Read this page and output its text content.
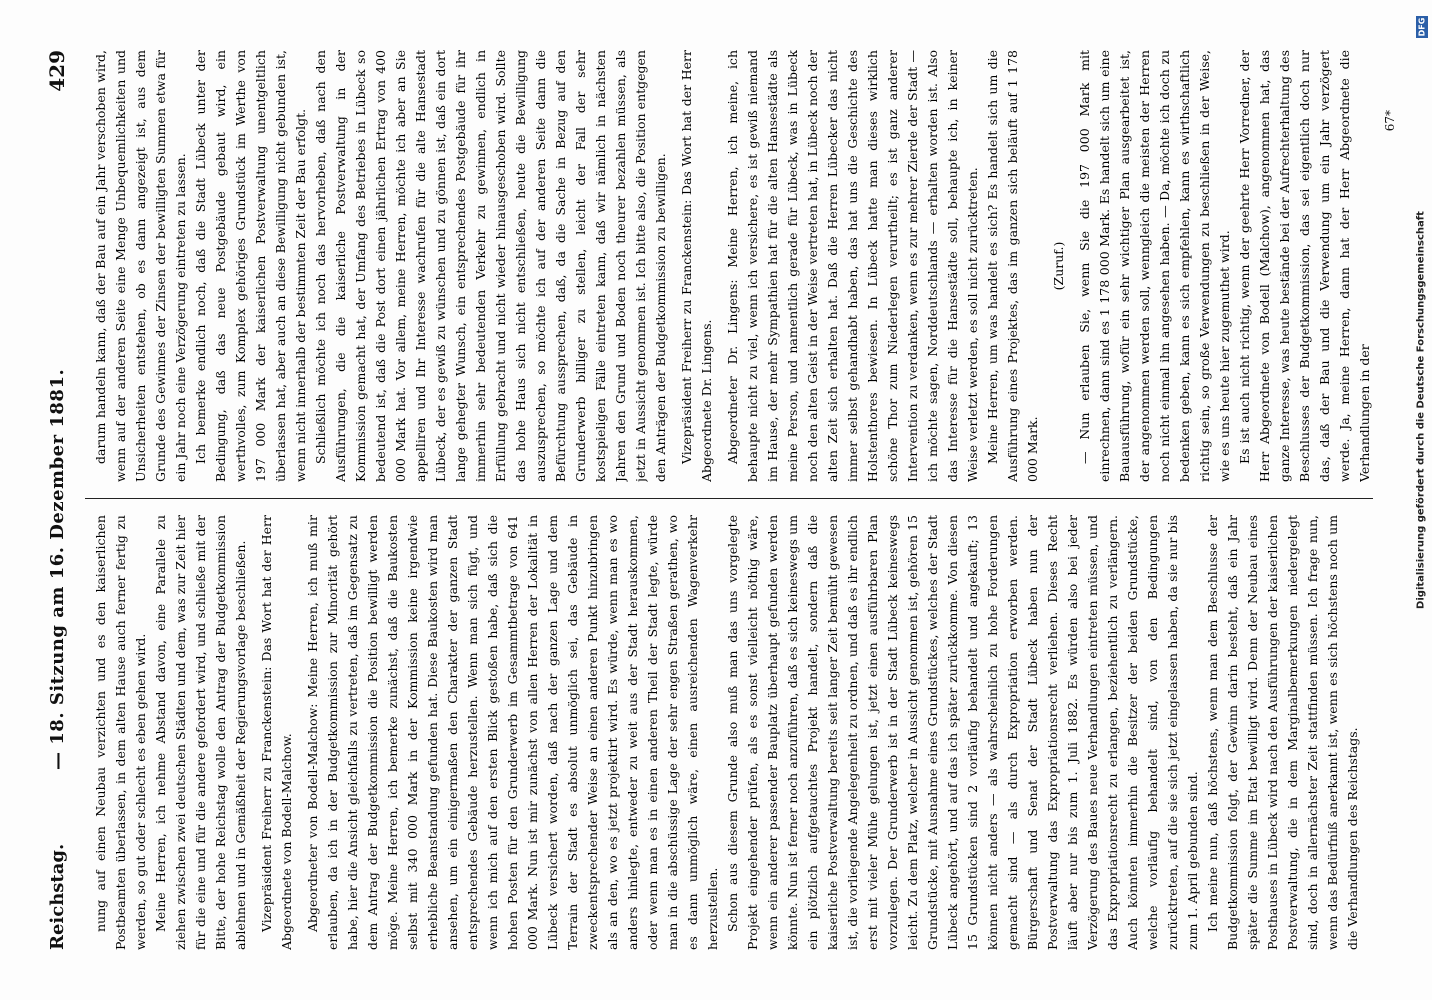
Reichstag.
— 18. Sitzung am 16. Dezember 1881.
429

nung auf einen Neubau verzichten und es den kaiserlichen Postbeamten überlassen, in dem alten Hause auch ferner fertig zu werden, so gut oder schlecht es eben gehen wird. Meine Herren, ich nehme Abstand davon, eine Parallele zu ziehen zwischen zwei deutschen Städten und dem, was zur Zeit hier für die eine und für die andere gefordert wird, und schließe mit der Bitte, der hohe Reichstag wolle den Antrag der Budgetkommission ablehnen und in Gemäßheit der Regierungsvorlage beschließen. Vizepräsident Freiherr zu Franckenstein: Das Wort hat der Herr Abgeordnete von Bodell-Malchow. Abgeordneter von Bodell-Malchow: Meine Herren, ich muß mir erlauben, da ich in der Budgetkommission zur Minorität gehört habe, hier die Ansicht gleichfalls zu vertreten, daß im Gegensatz zu dem Antrag der Budgetkommission die Position bewilligt werden möge. Meine Herren, ich bemerke zunächst, daß die Baukosten selbst mit 340 000 Mark in der Kommission keine irgendwie erhebliche Beanstandung gefunden hat. Diese Baukosten wird man ansehen, um ein einigermaßen den Charakter der ganzen Stadt entsprechendes Gebäude herzustellen. Wenn man sich fügt, und wenn ich mich auf den ersten Blick gestoßen habe, daß sich die hohen Posten für den Grunderwerb im Gesammtbetrage von 641 000 Mark. Nun ist mir zunächst von allen Herren der Lokalität in Lübeck versichert worden, daß nach der ganzen Lage und dem Terrain der Stadt es absolut unmöglich sei, das Gebäude in zweckentsprechender Weise an einen anderen Punkt hinzubringen als an den, wo es jetzt projektirt wird. Es würde, wenn man es wo anders hinlegte, entweder zu weit aus der Stadt herauskommen, oder wenn man es in einen anderen Theil der Stadt legte, würde man in die abschüssige Lage der sehr engen Straßen gerathen, wo es dann unmöglich wäre, einen ausreichenden Wagenverkehr herzustellen. Schon aus diesem Grunde also muß man das uns vorgelegte Projekt eingehender prüfen, als es sonst vielleicht nöthig wäre, wenn ein anderer passender Bauplatz überhaupt gefunden werden könnte. Nun ist ferner noch anzuführen, daß es sich keineswegs um ein plötzlich aufgetauchtes Projekt handelt, sondern daß die kaiserliche Postverwaltung bereits seit langer Zeit bemüht gewesen ist, die vorliegende Angelegenheit zu ordnen, und daß es ihr endlich erst mit vieler Mühe gelungen ist, jetzt einen ausführbaren Plan vorzulegen. Der Grunderwerb ist in der Stadt Lübeck keineswegs leicht. Zu dem Platz, welcher in Aussicht genommen ist, gehören 15 Grundstücke, mit Ausnahme eines Grundstückes, welches der Stadt Lübeck angehört, und auf das ich später zurückkomme. Von diesen 15 Grundstücken sind 2 vorläufig behandelt und angekauft; 13 können nicht anders — als wahrscheinlich zu hohe Forderungen gemacht sind — als durch Expropriation erworben werden. Bürgerschaft und Senat der Stadt Lübeck haben nun der Postverwaltung das Expropriationsrecht verliehen. Dieses Recht läuft aber nur bis zum 1. Juli 1882. Es würden also bei jeder Verzögerung des Baues neue Verhandlungen eintreten müssen, und das Expropriationsrecht zu erlangen, beziehentlich zu verlängern. Auch könnten immerhin die Besitzer der beiden Grundstücke, welche vorläufig behandelt sind, von den Bedingungen zurücktreten, auf die sie sich jetzt eingelassen haben, da sie nur bis zum 1. April gebunden sind. Ich meine nun, daß höchstens, wenn man dem Beschlusse der Budgetkommission folgt, der Gewinn darin besteht, daß ein Jahr später die Summe im Etat bewilligt wird. Denn der Neubau eines Posthauses in Lübeck wird nach den Ausführungen der kaiserlichen Postverwaltung, die in dem Marginalbemerkungen niedergelegt sind, doch in allernächster Zeit stattfinden müssen. Ich frage nun, wenn das Bedürfniß anerkannt ist, wenn es sich höchstens noch um die Verhandlungen des Reichstags.

darum handeln kann, daß der Bau auf ein Jahr verschoben wird, wenn auf der anderen Seite eine Menge Unbequemlichkeiten und Unsicherheiten entstehen, ob es dann angezeigt ist, aus dem Grunde des Gewinnes der Zinsen der bewilligten Summen etwa für ein Jahr noch eine Verzögerung eintreten zu lassen. Ich bemerke endlich noch, daß die Stadt Lübeck unter der Bedingung, daß das neue Postgebäude gebaut wird, ein werthvolles, zum Komplex gehöriges Grundstück im Werthe von 197 000 Mark der kaiserlichen Postverwaltung unentgeltlich überlassen hat, aber auch an diese Bewilligung nicht gebunden ist, wenn nicht innerhalb der bestimmten Zeit der Bau erfolgt. Schließlich möchte ich noch das hervorheben, daß nach den Ausführungen, die die kaiserliche Postverwaltung in der Kommission gemacht hat, der Umfang des Betriebes in Lübeck so bedeutend ist, daß die Post dort einen jährlichen Ertrag von 400 000 Mark hat. Vor allem, meine Herren, möchte ich aber an Sie appelliren und Ihr Interesse wachrufen für die alte Hansestadt Lübeck, der es gewiß zu wünschen und zu gönnen ist, daß ein dort lange gehegter Wunsch, ein entsprechendes Postgebäude für ihr immerhin sehr bedeutenden Verkehr zu gewinnen, endlich in Erfüllung gebracht und nicht wieder hinausgeschoben wird. Sollte das hohe Haus sich nicht entschließen, heute die Bewilligung auszusprechen, so möchte ich auf der anderen Seite dann die Befürchtung aussprechen, daß, da die Sache in Bezug auf den Grunderwerb billiger zu stellen, leicht der Fall der sehr kostspieligen Fälle eintreten kann, daß wir nämlich in nächsten Jahren den Grund und Boden noch theurer bezahlen müssen, als jetzt in Aussicht genommen ist. Ich bitte also, die Position entgegen den Anträgen der Budgetkommission zu bewilligen. Vizepräsident Freiherr zu Franckenstein: Das Wort hat der Herr Abgeordnete Dr. Lingens. Abgeordneter Dr. Lingens: Meine Herren, ich meine, ich behaupte nicht zu viel, wenn ich versichere, es ist gewiß niemand im Hause, der mehr Sympathien hat für die alten Hansestädte als meine Person, und namentlich gerade für Lübeck, was in Lübeck noch den alten Geist in der Weise vertreten hat, in Lübeck noch der alten Zeit sich erhalten hat. Daß die Herren Lübecker das nicht immer selbst gehandhabt haben, das hat uns die Geschichte des Holstenthores bewiesen. In Lübeck hatte man dieses wirklich schöne Thor zum Niederlegen verurtheilt; es ist ganz anderer Intervention zu verdanken, wenn es zur mehrer Zierde der Stadt — ich möchte sagen, Norddeutschlands — erhalten worden ist. Also das Interesse für die Hansestädte soll, behaupte ich, in keiner Weise verletzt werden, es soll nicht zurücktreten. Meine Herren, um was handelt es sich? Es handelt sich um die Ausführung eines Projektes, das im ganzen sich beläuft auf 1 178 000 Mark.

(Zuruf.) — Nun erlauben Sie, wenn Sie die 197 000 Mark mit einrechnen, dann sind es 1 178 000 Mark. Es handelt sich um eine Bauausführung, wofür ein sehr wichtiger Plan ausgearbeitet ist, der angenommen werden soll, wenngleich die meisten der Herren noch nicht einmal ihn angesehen haben. — Da, möchte ich doch zu bedenken geben, kann es sich empfehlen, kann es wirthschaftlich richtig sein, so große Verwendungen zu beschließen in der Weise, wie es uns heute hier zugemuthet wird. Es ist auch nicht richtig, wenn der geehrte Herr Vorredner, der Herr Abgeordnete von Bodell (Malchow), angenommen hat, das ganze Interesse, was heute bestände bei der Aufrechterhaltung des Beschlusses der Budgetkommission, das sei eigentlich doch nur das, daß der Bau und die Verwendung um ein Jahr verzögert werde. Ja, meine Herren, dann hat der Herr Abgeordnete die Verhandlungen in der

67*
Digitalisierung gefördert durch die Deutsche Forschungsgemeinschaft
DFG
